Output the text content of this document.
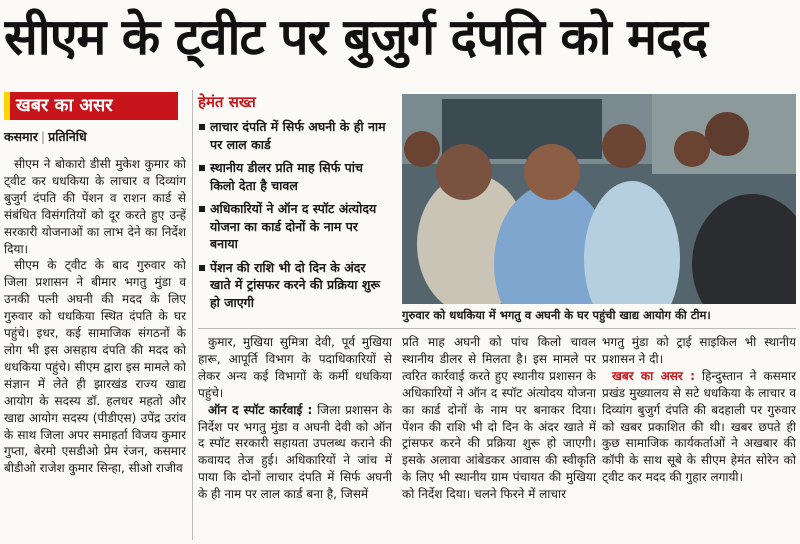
सीएम के ट्वीट पर बुजुर्ग दंपति को मदद
खबर का असर
कसमार | प्रतिनिधि

सीएम ने बोकारो डीसी मुकेश कुमार को ट्वीट कर धधकिया के लाचार व दिव्यांग बुजुर्ग दंपति की पेंशन व राशन कार्ड से संबंधित विसंगतियों को दूर करते हुए उन्हें सरकारी योजनाओं का लाभ देने का निर्देश दिया।

सीएम के ट्वीट के बाद गुरुवार को जिला प्रशासन ने बीमार भगतु मुंडा व उनकी पत्नी अघनी की मदद के लिए गुरुवार को धधकिया स्थित दंपति के घर पहुंचे। इधर, कई सामाजिक संगठनों के लोग भी इस असहाय दंपति की मदद को धधकिया पहुंचे। सीएम द्वारा इस मामले को संज्ञान में लेते ही झारखंड राज्य खाद्य आयोग के सदस्य डॉ. हलधर महतो और खाद्य आयोग सदस्य (पीडीएस) उपेंद्र उरांव के साथ जिला अपर समाहर्ता विजय कुमार गुप्ता, बेरमो एसडीओ प्रेम रंजन, कसमार बीडीओ राजेश कुमार सिन्हा, सीओ राजीव

हेमंत सख्त
लाचार दंपति में सिर्फ अघनी के ही नाम पर लाल कार्ड
स्थानीय डीलर प्रति माह सिर्फ पांच किलो देता है चावल
अधिकारियों ने ऑन द स्पॉट अंत्योदय योजना का कार्ड दोनों के नाम पर बनाया
पेंशन की राशि भी दो दिन के अंदर खाते में ट्रांसफर करने की प्रक्रिया शुरू हो जाएगी
गुरुवार को धधकिया में भगतु व अघनी के घर पहुंची खाद्य आयोग की टीम।

कुमार, मुखिया सुमित्रा देवी, पूर्व मुखिया हारू, आपूर्ति विभाग के पदाधिकारियों से लेकर अन्य कई विभागों के कर्मी धधकिया पहुंचे।

ऑन द स्पॉट कार्रवाई : जिला प्रशासन के निर्देश पर भगतु मुंडा व अघनी देवी को ऑन द स्पॉट सरकारी सहायता उपलब्ध कराने की कवायद तेज हुई। अधिकारियों ने जांच में पाया कि दोनों लाचार दंपति में सिर्फ अघनी के ही नाम पर लाल कार्ड बना है, जिसमें

प्रति माह अघनी को पांच किलो चावल स्थानीय डीलर से मिलता है। इस मामले पर त्वरित कार्रवाई करते हुए स्थानीय प्रशासन के अधिकारियों ने ऑन द स्पॉट अंत्योदय योजना का कार्ड दोनों के नाम पर बनाकर दिया। पेंशन की राशि भी दो दिन के अंदर खाते में ट्रांसफर करने की प्रक्रिया शुरू हो जाएगी। इसके अलावा आंबेडकर आवास की स्वीकृति के लिए भी स्थानीय ग्राम पंचायत की मुखिया को निर्देश दिया। चलने फिरने में लाचार

भगतु मुंडा को ट्राई साइकिल भी स्थानीय प्रशासन ने दी।

खबर का असर : हिन्दुस्तान ने कसमार प्रखंड मुख्यालय से सटे धधकिया के लाचार व दिव्यांग बुजुर्ग दंपति की बदहाली पर गुरुवार को खबर प्रकाशित की थी। खबर छपते ही कुछ सामाजिक कार्यकर्ताओं ने अखबार की कॉपी के साथ सूबे के सीएम हेमंत सोरेन को ट्वीट कर मदद की गुहार लगायी।
